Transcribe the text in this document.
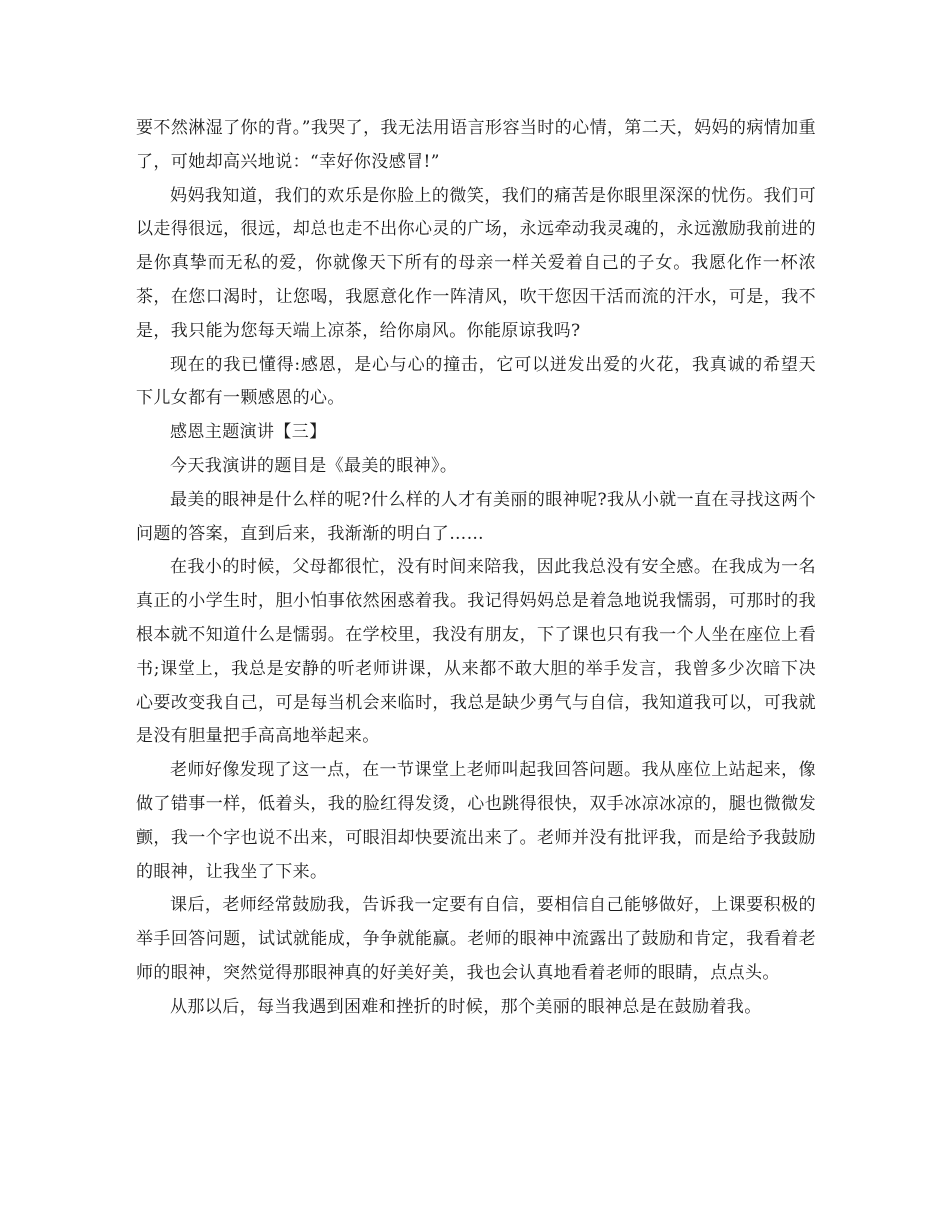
要不然淋湿了你的背。”我哭了，我无法用语言形容当时的心情，第二天，妈妈的病情加重了，可她却高兴地说：“幸好你没感冒!”

妈妈我知道，我们的欢乐是你脸上的微笑，我们的痛苦是你眼里深深的忧伤。我们可以走得很远，很远，却总也走不出你心灵的广场，永远牵动我灵魂的，永远激励我前进的是你真挚而无私的爱，你就像天下所有的母亲一样关爱着自己的子女。我愿化作一杯浓茶，在您口渴时，让您喝，我愿意化作一阵清风，吹干您因干活而流的汗水，可是，我不是，我只能为您每天端上凉茶，给你扇风。你能原谅我吗?

现在的我已懂得:感恩，是心与心的撞击，它可以迸发出爱的火花，我真诚的希望天下儿女都有一颗感恩的心。

感恩主题演讲【三】

今天我演讲的题目是《最美的眼神》。

最美的眼神是什么样的呢?什么样的人才有美丽的眼神呢?我从小就一直在寻找这两个问题的答案，直到后来，我渐渐的明白了……

在我小的时候，父母都很忙，没有时间来陪我，因此我总没有安全感。在我成为一名真正的小学生时，胆小怕事依然困惑着我。我记得妈妈总是着急地说我懦弱，可那时的我根本就不知道什么是懦弱。在学校里，我没有朋友，下了课也只有我一个人坐在座位上看书;课堂上，我总是安静的听老师讲课，从来都不敢大胆的举手发言，我曾多少次暗下决心要改变我自己，可是每当机会来临时，我总是缺少勇气与自信，我知道我可以，可我就是没有胆量把手高高地举起来。

老师好像发现了这一点，在一节课堂上老师叫起我回答问题。我从座位上站起来，像做了错事一样，低着头，我的脸红得发烫，心也跳得很快，双手冰凉冰凉的，腿也微微发颤，我一个字也说不出来，可眼泪却快要流出来了。老师并没有批评我，而是给予我鼓励的眼神，让我坐了下来。

课后，老师经常鼓励我，告诉我一定要有自信，要相信自己能够做好，上课要积极的举手回答问题，试试就能成，争争就能赢。老师的眼神中流露出了鼓励和肯定，我看着老师的眼神，突然觉得那眼神真的好美好美，我也会认真地看着老师的眼睛，点点头。

从那以后，每当我遇到困难和挫折的时候，那个美丽的眼神总是在鼓励着我。
